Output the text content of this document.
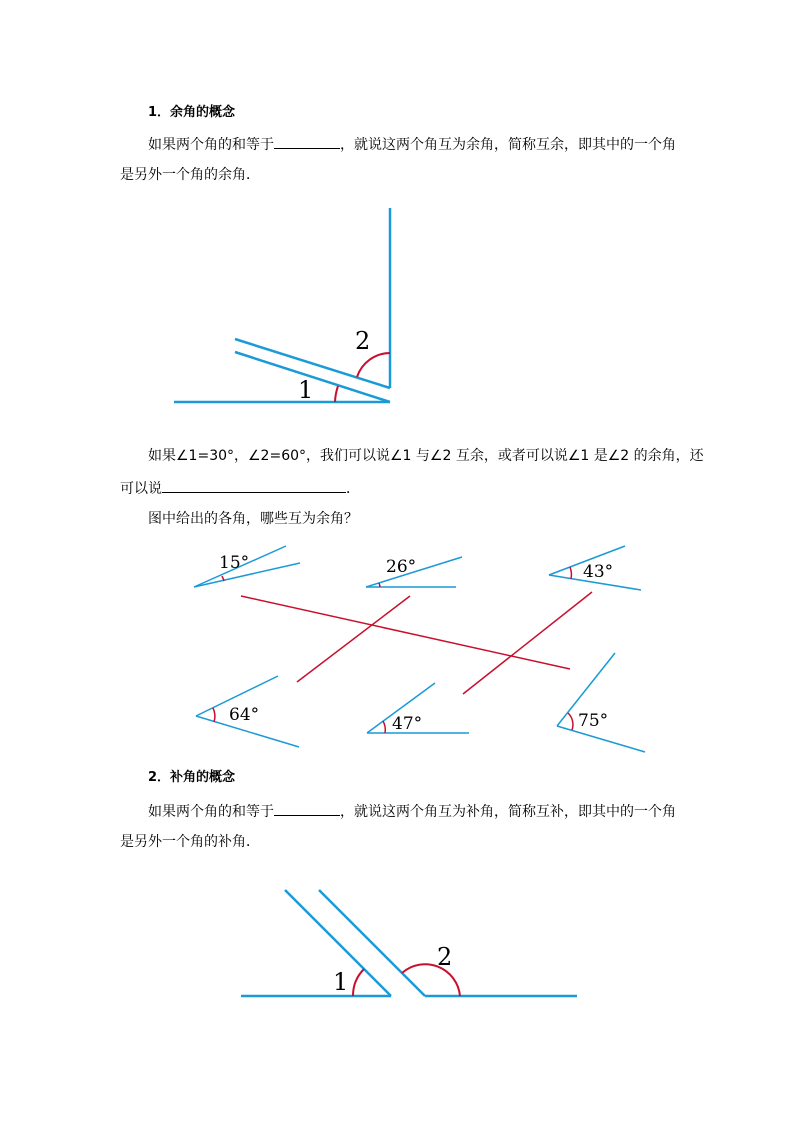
1．余角的概念
如果两个角的和等于	，就说这两个角互为余角，简称互余，即其中的一个角
是另外一个角的余角．
如果∠1=30°，∠2=60°，我们可以说∠1 与∠2 互余，或者可以说∠1 是∠2 的余角，还
可以说	．
图中给出的各角，哪些互为余角？
2．补角的概念
如果两个角的和等于	，就说这两个角互为补角，简称互补，即其中的一个角
是另外一个角的补角．
1
2
15°	26°	43°
64°	47°	75°
1
2
